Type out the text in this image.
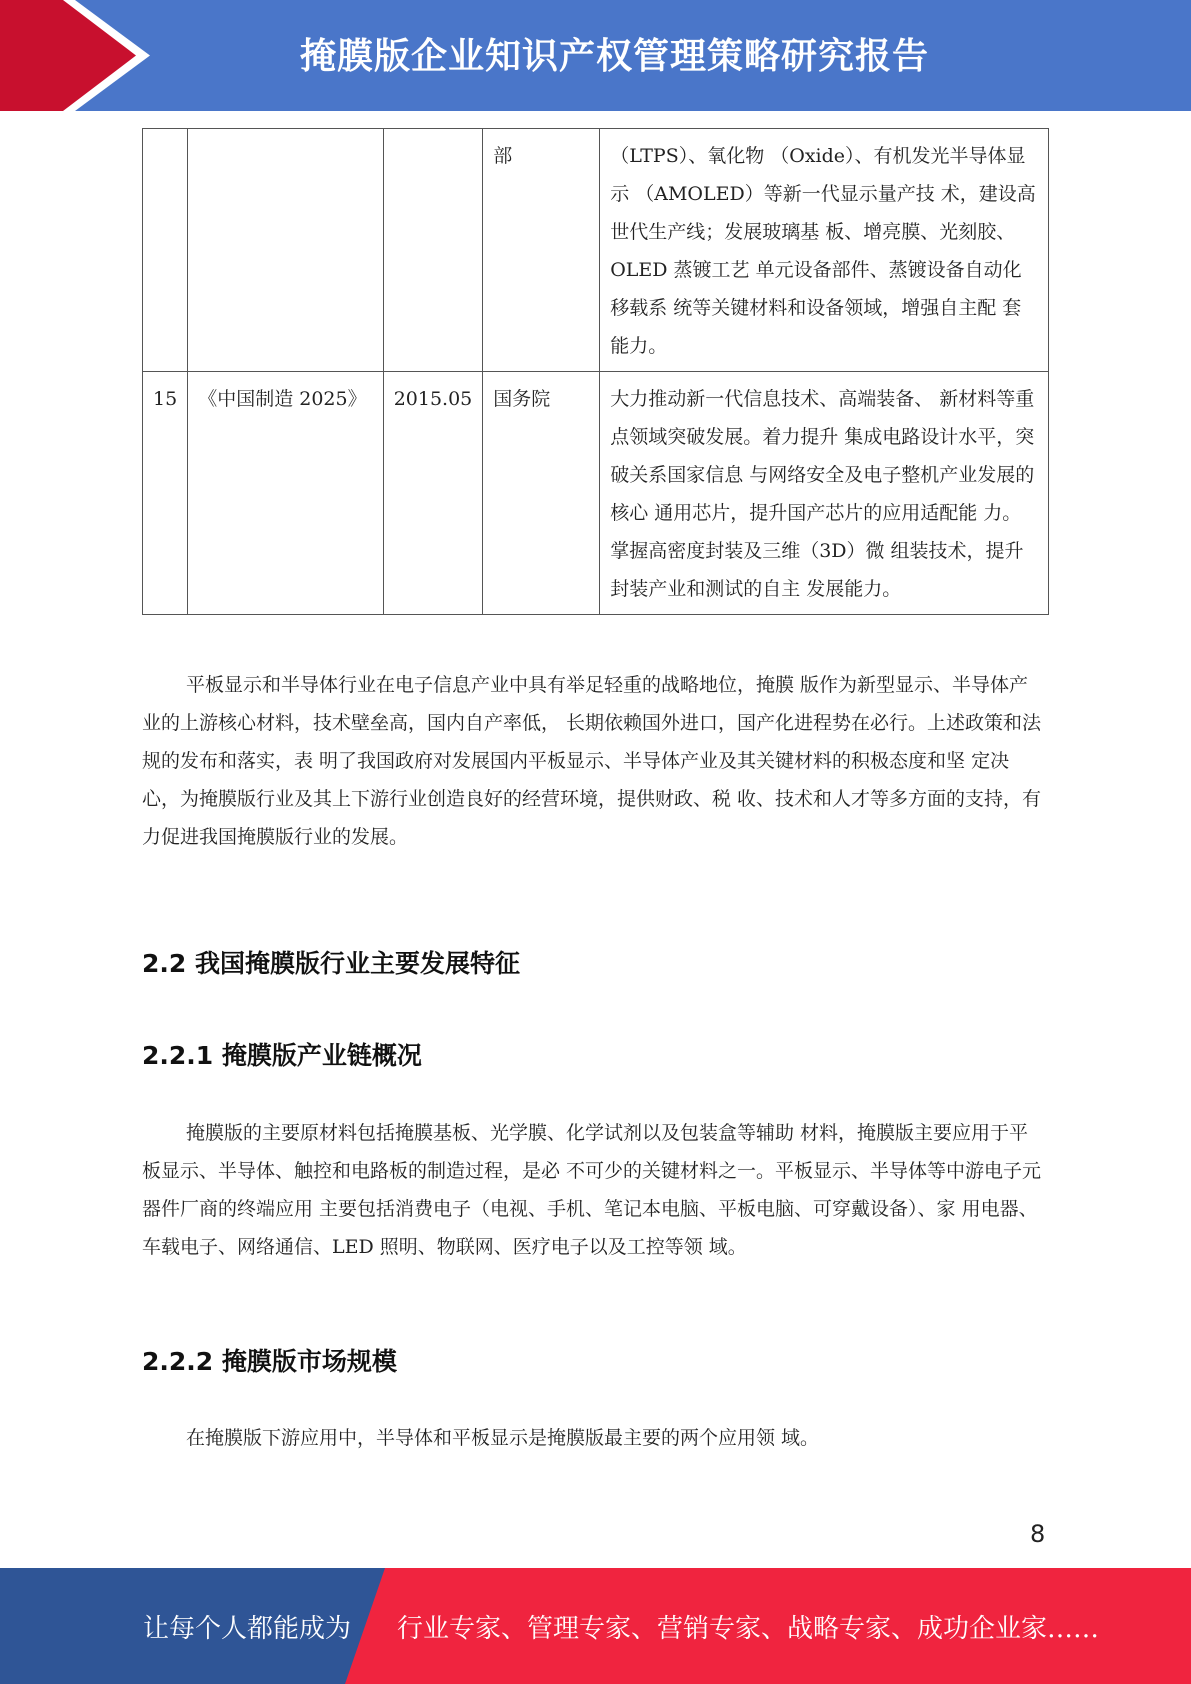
掩膜版企业知识产权管理策略研究报告
			部	（LTPS）、氧化物 （Oxide）、有机发光半导体显示 （AMOLED）等新一代显示量产技 术，建设高世代生产线；发展玻璃基 板、增亮膜、光刻胶、OLED 蒸镀工艺 单元设备部件、蒸镀设备自动化移载系 统等关键材料和设备领域，增强自主配 套能力。
15	《中国制造 2025》	2015.05	国务院	大力推动新一代信息技术、高端装备、 新材料等重点领域突破发展。着力提升 集成电路设计水平，突破关系国家信息 与网络安全及电子整机产业发展的核心 通用芯片，提升国产芯片的应用适配能 力。掌握高密度封装及三维（3D）微 组装技术，提升封装产业和测试的自主 发展能力。

平板显示和半导体行业在电子信息产业中具有举足轻重的战略地位，掩膜 版作为新型显示、半导体产业的上游核心材料，技术壁垒高，国内自产率低， 长期依赖国外进口，国产化进程势在必行。上述政策和法规的发布和落实，表 明了我国政府对发展国内平板显示、半导体产业及其关键材料的积极态度和坚 定决心，为掩膜版行业及其上下游行业创造良好的经营环境，提供财政、税 收、技术和人才等多方面的支持，有力促进我国掩膜版行业的发展。

2.2 我国掩膜版行业主要发展特征
2.2.1 掩膜版产业链概况

掩膜版的主要原材料包括掩膜基板、光学膜、化学试剂以及包装盒等辅助 材料，掩膜版主要应用于平板显示、半导体、触控和电路板的制造过程，是必 不可少的关键材料之一。平板显示、半导体等中游电子元器件厂商的终端应用 主要包括消费电子（电视、手机、笔记本电脑、平板电脑、可穿戴设备）、家 用电器、车载电子、网络通信、LED 照明、物联网、医疗电子以及工控等领 域。

2.2.2 掩膜版市场规模

在掩膜版下游应用中，半导体和平板显示是掩膜版最主要的两个应用领 域。

8
让每个人都能成为 行业专家、管理专家、营销专家、战略专家、成功企业家……
